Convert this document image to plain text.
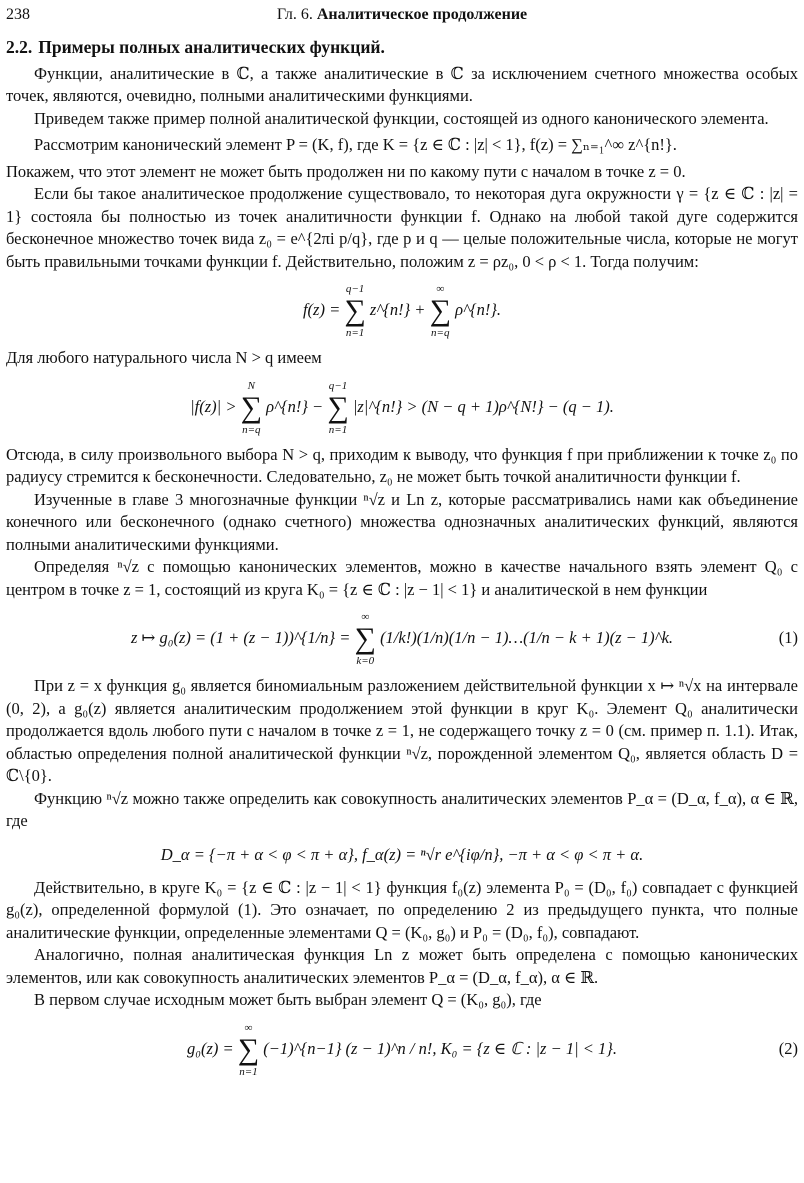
238	Гл. 6. Аналитическое продолжение
2.2. Примеры полных аналитических функций.

Функции, аналитические в ℂ, а также аналитические в ℂ за исключением счетного множества особых точек, являются, очевидно, полными аналитическими функциями.

Приведем также пример полной аналитической функции, состоящей из одного канонического элемента.

Рассмотрим канонический элемент P = (K, f), где K = {z ∈ ℂ : |z| < 1}, f(z) = ∑ₙ₌₁^∞ z^{n!}.

Покажем, что этот элемент не может быть продолжен ни по какому пути с началом в точке z = 0.

Если бы такое аналитическое продолжение существовало, то некоторая дуга окружности γ = {z ∈ ℂ : |z| = 1} состояла бы полностью из точек аналитичности функции f. Однако на любой такой дуге содержится бесконечное множество точек вида z₀ = e^{2πi p/q}, где p и q — целые положительные числа, которые не могут быть правильными точками функции f. Действительно, положим z = ρz₀, 0 < ρ < 1. Тогда получим:

f(z) =
q−1
∑
n=1
z^{n!} +
∞
∑
n=q
ρ^{n!}.

Для любого натурального числа N > q имеем

|f(z)| >
N
∑
n=q
ρ^{n!} −
q−1
∑
n=1
|z|^{n!} > (N − q + 1)ρ^{N!} − (q − 1).

Отсюда, в силу произвольного выбора N > q, приходим к выводу, что функция f при приближении к точке z₀ по радиусу стремится к бесконечности. Следовательно, z₀ не может быть точкой аналитичности функции f.

Изученные в главе 3 многозначные функции ⁿ√z и Ln z, которые рассматривались нами как объединение конечного или бесконечного (однако счетного) множества однозначных аналитических функций, являются полными аналитическими функциями.

Определяя ⁿ√z с помощью канонических элементов, можно в качестве начального взять элемент Q₀ с центром в точке z = 1, состоящий из круга K₀ = {z ∈ ℂ : |z − 1| < 1} и аналитической в нем функции

z ↦ g₀(z) = (1 + (z − 1))^{1/n} =
∞
∑
k=0
(1/k!)(1/n)(1/n − 1)…(1/n − k + 1)(z − 1)^k.	(1)

При z = x функция g₀ является биномиальным разложением действительной функции x ↦ ⁿ√x на интервале (0, 2), а g₀(z) является аналитическим продолжением этой функции в круг K₀. Элемент Q₀ аналитически продолжается вдоль любого пути с началом в точке z = 1, не содержащего точку z = 0 (см. пример п. 1.1). Итак, областью определения полной аналитической функции ⁿ√z, порожденной элементом Q₀, является область D = ℂ\{0}.

Функцию ⁿ√z можно также определить как совокупность аналитических элементов P_α = (D_α, f_α), α ∈ ℝ, где

D_α = {−π + α < φ < π + α}, f_α(z) = ⁿ√r e^{iφ/n}, −π + α < φ < π + α.

Действительно, в круге K₀ = {z ∈ ℂ : |z − 1| < 1} функция f₀(z) элемента P₀ = (D₀, f₀) совпадает с функцией g₀(z), определенной формулой (1). Это означает, по определению 2 из предыдущего пункта, что полные аналитические функции, определенные элементами Q = (K₀, g₀) и P₀ = (D₀, f₀), совпадают.

Аналогично, полная аналитическая функция Ln z может быть определена с помощью канонических элементов, или как совокупность аналитических элементов P_α = (D_α, f_α), α ∈ ℝ.

В первом случае исходным может быть выбран элемент Q = (K₀, g₀), где

g₀(z) =
∞
∑
n=1
(−1)^{n−1} (z − 1)^n / n!, K₀ = {z ∈ ℂ : |z − 1| < 1}.	(2)
